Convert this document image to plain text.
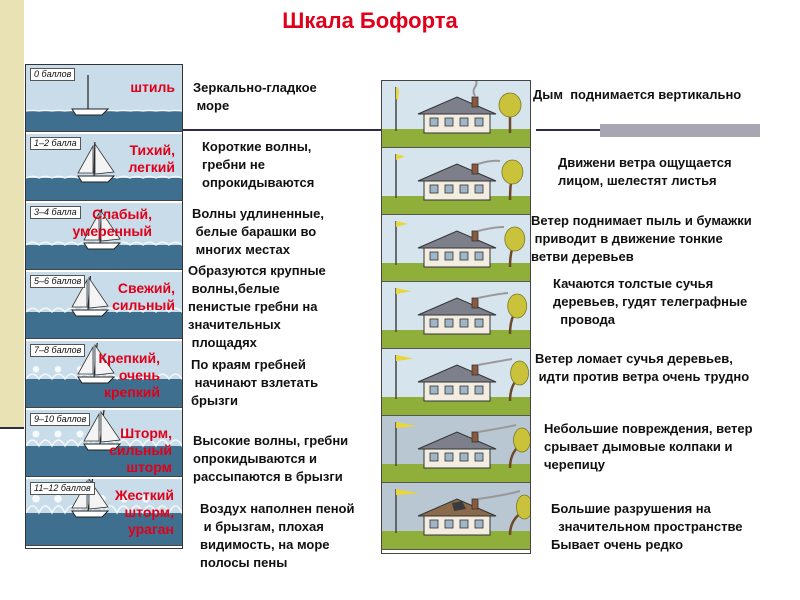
Шкала Бофорта
0 баллов
1–2 балла
3–4 балла
5–6 баллов
7–8 баллов
9–10 баллов
11–12 баллов
штиль Зеркально-гладкое
море
Дым  поднимается вертикально
Тихий,
легкий
Короткие волны,
гребни не
опрокидываются
Движени ветра ощущается
лицом, шелестят листья
Слабый,
умеренный
Волны удлиненные,
белые барашки во
многих местах
Ветер поднимает пыль и бумажки
приводит в движение тонкие
ветви деревьев
Свежий,
сильный
Образуются крупные
волны,белые
пенистые гребни на
значительных
площадях
Качаются толстые сучья
деревьев, гудят телеграфные
провода
Крепкий,
очень
крепкий
По краям гребней
начинают взлетать
брызги
Ветер ломает сучья деревьев,
идти против ветра очень трудно
Шторм,
сильный
шторм
Высокие волны, гребни
опрокидываются и
рассыпаются в брызги
Небольшие повреждения, ветер
срывает дымовые колпаки и
черепицу
Жесткий
шторм,
ураган
Воздух наполнен пеной
и брызгам, плохая
видимость, на море
полосы пены
Большие разрушения на
значительном пространстве
Бывает очень редко
